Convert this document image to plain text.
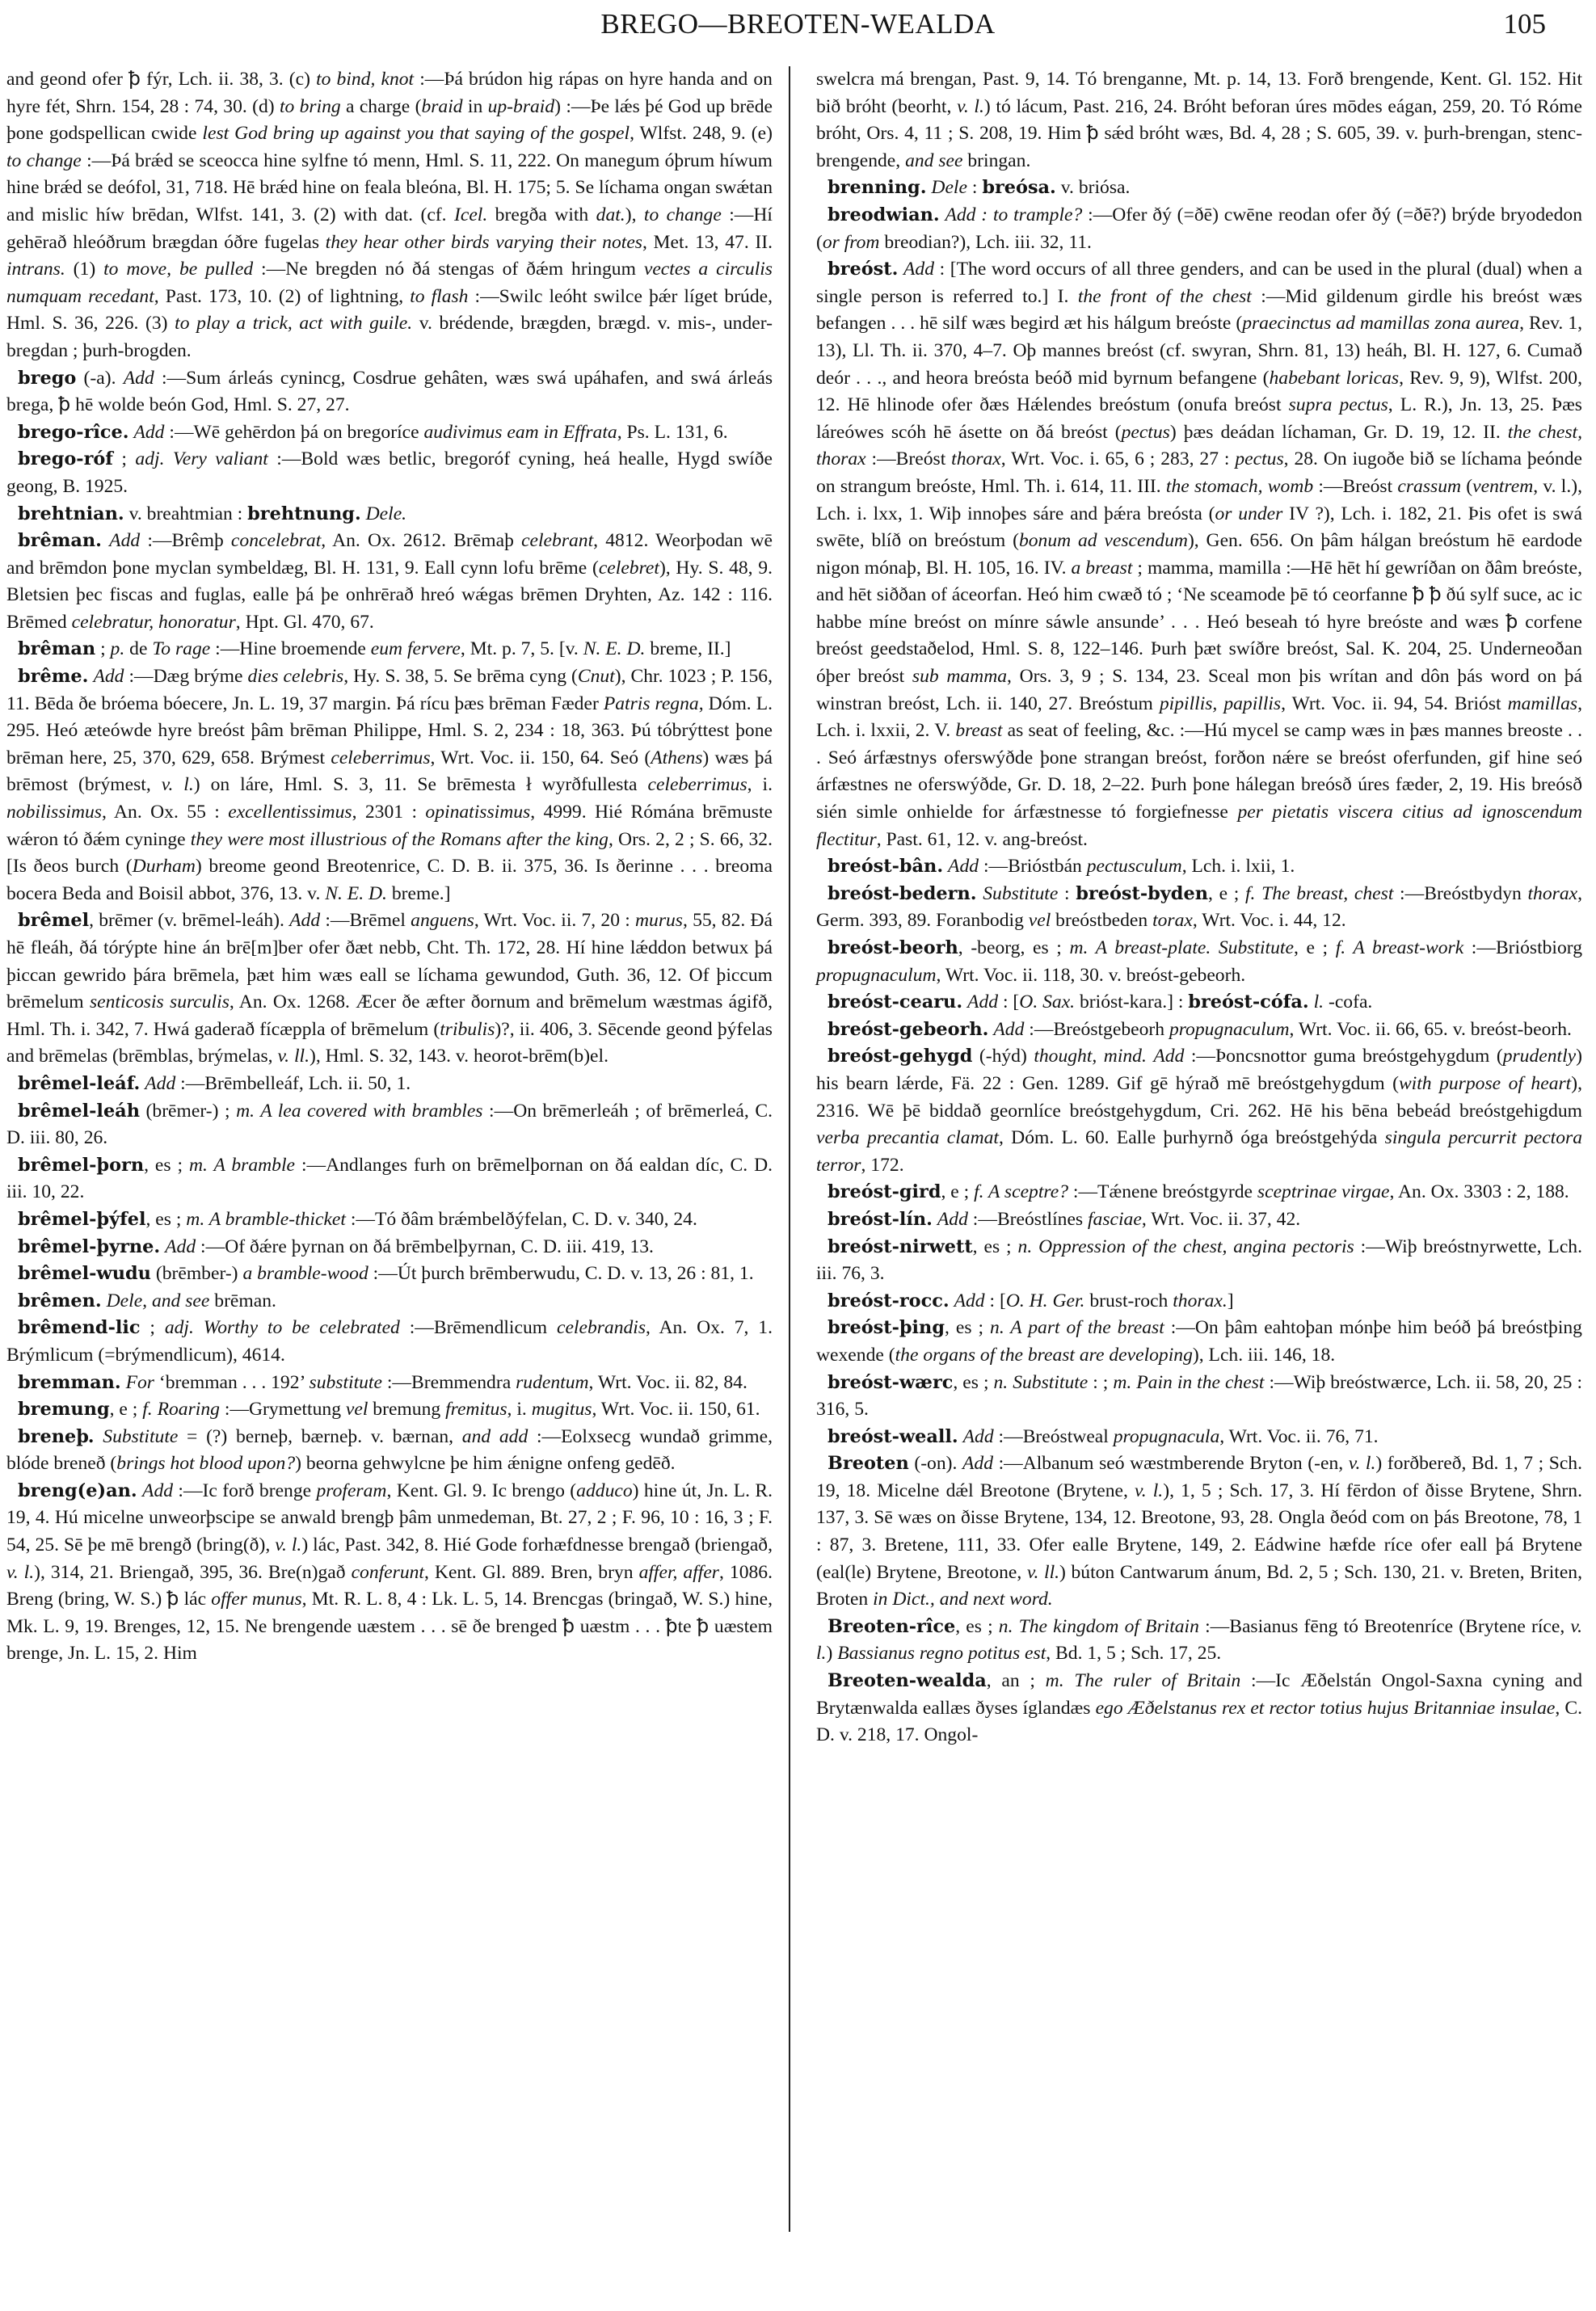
BREGO—BREOTEN-WEALDA	105

and geond ofer ꝥ fýr, Lch. ii. 38, 3. (c) to bind, knot :—Þá brúdon hig rápas on hyre handa and on hyre fét, Shrn. 154, 28 : 74, 30. (d) to bring a charge (braid in up-braid) :—Þe lǽs þé God up brēde þone godspellican cwide lest God bring up against you that saying of the gospel, Wlfst. 248, 9. (e) to change :—Þá brǽd se sceocca hine sylfne tó menn, Hml. S. 11, 222. On manegum óþrum híwum hine brǽd se deófol, 31, 718. Hē brǽd hine on feala bleóna, Bl. H. 175; 5. Se líchama ongan swǽtan and mislic híw brēdan, Wlfst. 141, 3. (2) with dat. (cf. Icel. bregða with dat.), to change :—Hí gehērað hleóðrum brægdan óðre fugelas they hear other birds varying their notes, Met. 13, 47. II. intrans. (1) to move, be pulled :—Ne bregden nó ðá stengas of ðǽm hringum vectes a circulis numquam recedant, Past. 173, 10. (2) of lightning, to flash :—Swilc leóht swilce þǽr líget brúde, Hml. S. 36, 226. (3) to play a trick, act with guile. v. brédende, brægden, brægd. v. mis-, under-bregdan ; þurh-brogden.

brego (-a). Add :—Sum árleás cynincg, Cosdrue gehâten, wæs swá upáhafen, and swá árleás brega, ꝥ hē wolde beón God, Hml. S. 27, 27.

brego-rîce. Add :—Wē gehērdon þá on bregoríce audivimus eam in Effrata, Ps. L. 131, 6.

brego-róf ; adj. Very valiant :—Bold wæs betlic, bregoróf cyning, heá healle, Hygd swíðe geong, B. 1925.

brehtnian. v. breahtmian : brehtnung. Dele.

brêman. Add :—Brêmþ concelebrat, An. Ox. 2612. Brēmaþ celebrant, 4812. Weorþodan wē and brēmdon þone myclan symbeldæg, Bl. H. 131, 9. Eall cynn lofu brēme (celebret), Hy. S. 48, 9. Bletsien þec fiscas and fuglas, ealle þá þe onhrērað hreó wǽgas brēmen Dryhten, Az. 142 : 116. Brēmed celebratur, honoratur, Hpt. Gl. 470, 67.

brêman ; p. de To rage :—Hine broemende eum fervere, Mt. p. 7, 5. [v. N. E. D. breme, II.]

brême. Add :—Dæg brýme dies celebris, Hy. S. 38, 5. Se brēma cyng (Cnut), Chr. 1023 ; P. 156, 11. Bēda ðe bróema bóecere, Jn. L. 19, 37 margin. Þá rícu þæs brēman Fæder Patris regna, Dóm. L. 295. Heó ætеówde hyre breóst þâm brēman Philippe, Hml. S. 2, 234 : 18, 363. Þú tóbrýttest þone brēman here, 25, 370, 629, 658. Brýmest celeberrimus, Wrt. Voc. ii. 150, 64. Seó (Athens) wæs þá brēmost (brýmest, v. l.) on láre, Hml. S. 3, 11. Se brēmesta ł wyrðfullesta celeberrimus, i. nobilissimus, An. Ox. 55 : excellentissimus, 2301 : opinatissimus, 4999. Hié Rómána brēmuste wǽron tó ðǽm cyninge they were most illustrious of the Romans after the king, Ors. 2, 2 ; S. 66, 32. [Is ðeos burch (Durham) breome geond Breotenrice, C. D. B. ii. 375, 36. Is ðerinne . . . breoma bocera Beda and Boisil abbot, 376, 13. v. N. E. D. breme.]

brêmel, brēmer (v. brēmel-leáh). Add :—Brēmel anguens, Wrt. Voc. ii. 7, 20 : murus, 55, 82. Ðá hē fleáh, ðá tórýpte hine án brē[m]ber ofer ðæt nebb, Cht. Th. 172, 28. Hí hine lǽddon betwux þá þiccan gewrido þára brēmela, þæt him wæs eall se líchama gewundod, Guth. 36, 12. Of þiccum brēmelum senticosis surculis, An. Ox. 1268. Æcer ðe æfter ðornum and brēmelum wæstmas ágifð, Hml. Th. i. 342, 7. Hwá gaderað fícæppla of brēmelum (tribulis)?, ii. 406, 3. Sēcende geond þýfelas and brēmelas (brēmblas, brýmelas, v. ll.), Hml. S. 32, 143. v. heorot-brēm(b)el.

brêmel-leáf. Add :—Brēmbelleáf, Lch. ii. 50, 1.

brêmel-leáh (brēmer-) ; m. A lea covered with brambles :—On brēmerleáh ; of brēmerleá, C. D. iii. 80, 26.

brêmel-þorn, es ; m. A bramble :—Andlanges furh on brēmelþornan on ðá ealdan díc, C. D. iii. 10, 22.

brêmel-þýfel, es ; m. A bramble-thicket :—Tó ðâm brǽmbelðýfelan, C. D. v. 340, 24.

brêmel-þyrne. Add :—Of ðǽre þyrnan on ðá brēmbelþyrnan, C. D. iii. 419, 13.

brêmel-wudu (brēmber-) a bramble-wood :—Út þurch brēmberwudu, C. D. v. 13, 26 : 81, 1.

brêmen. Dele, and see brēman.

brêmend-lic ; adj. Worthy to be celebrated :—Brēmendlicum celebrandis, An. Ox. 7, 1. Brýmlicum (=brýmendlicum), 4614.

bremman. For ‘bremman . . . 192’ substitute :—Bremmendra rudentum, Wrt. Voc. ii. 82, 84.

bremung, e ; f. Roaring :—Grymettung vel bremung fremitus, i. mugitus, Wrt. Voc. ii. 150, 61.

breneþ. Substitute = (?) berneþ, bærneþ. v. bærnan, and add :—Eolxsecg wundað grimme, blóde breneð (brings hot blood upon?) beorna gehwylcne þe him ǽnigne onfeng gedēð.

breng(e)an. Add :—Ic forð brenge proferam, Kent. Gl. 9. Ic brengo (adduco) hine út, Jn. L. R. 19, 4. Hú micelne unweorþscipe se anwald brengþ þâm unmedeman, Bt. 27, 2 ; F. 96, 10 : 16, 3 ; F. 54, 25. Sē þe mē brengð (bring(ð), v. l.) lác, Past. 342, 8. Hié Gode forhæfdnesse brengað (briengað, v. l.), 314, 21. Briengað, 395, 36. Bre(n)gað conferunt, Kent. Gl. 889. Bren, bryn affer, affer, 1086. Breng (bring, W. S.) ꝥ lác offer munus, Mt. R. L. 8, 4 : Lk. L. 5, 14. Brencgas (bringað, W. S.) hine, Mk. L. 9, 19. Brenges, 12, 15. Ne brengende uæstem . . . sē ðe brenged ꝥ uæstm . . . ꝥte ꝥ uæstem brenge, Jn. L. 15, 2. Him

swelcra má brengan, Past. 9, 14. Tó brenganne, Mt. p. 14, 13. Forð brengende, Kent. Gl. 152. Hit bið bróht (beorht, v. l.) tó lácum, Past. 216, 24. Bróht beforan úres mōdes eágan, 259, 20. Tó Róme bróht, Ors. 4, 11 ; S. 208, 19. Him ꝥ sǽd bróht wæs, Bd. 4, 28 ; S. 605, 39. v. þurh-brengan, stenc-brengende, and see bringan.

brenning. Dele : breósa. v. briósa.

breodwian. Add : to trample? :—Ofer ðý (=ðē) cwēne reodan ofer ðý (=ðē?) brýde bryodedon (or from breodian?), Lch. iii. 32, 11.

breóst. Add : [The word occurs of all three genders, and can be used in the plural (dual) when a single person is referred to.] I. the front of the chest :—Mid gildenum girdle his breóst wæs befangen . . . hē silf wæs begird æt his hálgum breóste (praecinctus ad mamillas zona aurea, Rev. 1, 13), Ll. Th. ii. 370, 4–7. Oþ mannes breóst (cf. swyran, Shrn. 81, 13) heáh, Bl. H. 127, 6. Cumað deór . . ., and heora breósta beóð mid byrnum befangene (habebant loricas, Rev. 9, 9), Wlfst. 200, 12. Hē hlinode ofer ðæs Hǽlendes breóstum (onufa breóst supra pectus, L. R.), Jn. 13, 25. Þæs láreówes scóh hē ásette on ðá breóst (pectus) þæs deádan líchaman, Gr. D. 19, 12. II. the chest, thorax :—Breóst thorax, Wrt. Voc. i. 65, 6 ; 283, 27 : pectus, 28. On iugoðe bið se líchama þeónde on strangum breóste, Hml. Th. i. 614, 11. III. the stomach, womb :—Breóst crassum (ventrem, v. l.), Lch. i. lxx, 1. Wiþ innoþes sáre and þǽra breósta (or under IV ?), Lch. i. 182, 21. Þis ofet is swá swēte, blíð on breóstum (bonum ad vescendum), Gen. 656. On þâm hálgan breóstum hē eardode nigon mónaþ, Bl. H. 105, 16. IV. a breast ; mamma, mamilla :—Hē hēt hí gewríðan on ðâm breóste, and hēt siððan of áceorfan. Heó him cwæð tó ; ‘Ne sceamode þē tó ceorfanne ꝥ ꝥ ðú sylf suce, ac ic habbe míne breóst on mínre sáwle ansunde’ . . . Heó beseah tó hyre breóste and wæs ꝥ corfene breóst geedstaðelod, Hml. S. 8, 122–146. Þurh þæt swíðre breóst, Sal. K. 204, 25. Underneoðan óþer breóst sub mamma, Ors. 3, 9 ; S. 134, 23. Sceal mon þis wrítan and dôn þás word on þá winstran breóst, Lch. ii. 140, 27. Breóstum pipillis, papillis, Wrt. Voc. ii. 94, 54. Brióst mamillas, Lch. i. lxxii, 2. V. breast as seat of feeling, &c. :—Hú mycel se camp wæs in þæs mannes breoste . . . Seó árfæstnys oferswýðde þone strangan breóst, forðon nǽre se breóst oferfunden, gif hine seó árfæstnes ne oferswýðde, Gr. D. 18, 2–22. Þurh þone hálegan breósð úres fæder, 2, 19. His breósð sién simle onhielde for árfæstnesse tó forgiefnesse per pietatis viscera citius ad ignoscendum flectitur, Past. 61, 12. v. ang-breóst.

breóst-bân. Add :—Brióstbán pectusculum, Lch. i. lxii, 1.

breóst-bedern. Substitute : breóst-byden, e ; f. The breast, chest :—Breóstbydyn thorax, Germ. 393, 89. Foranbodig vel breóstbeden torax, Wrt. Voc. i. 44, 12.

breóst-beorh, -beorg, es ; m. A breast-plate. Substitute, e ; f. A breast-work :—Brióstbiorg propugnaculum, Wrt. Voc. ii. 118, 30. v. breóst-gebeorh.

breóst-cearu. Add : [O. Sax. brióst-kara.] : breóst-cófa. l. -cofa.

breóst-gebeorh. Add :—Breóstgebeorh propugnaculum, Wrt. Voc. ii. 66, 65. v. breóst-beorh.

breóst-gehygd (-hýd) thought, mind. Add :—Þoncsnottor guma breóstgehygdum (prudently) his bearn lǽrde, Fä. 22 : Gen. 1289. Gif gē hýrað mē breóstgehygdum (with purpose of heart), 2316. Wē þē biddað geornlíce breóstgehygdum, Cri. 262. Hē his bēna bebeád breóstgehigdum verba precantia clamat, Dóm. L. 60. Ealle þurhyrnð óga breóstgehýda singula percurrit pectora terror, 172.

breóst-gird, e ; f. A sceptre? :—Tǽnene breóstgyrde sceptrinae virgae, An. Ox. 3303 : 2, 188.

breóst-lín. Add :—Breóstlínes fasciae, Wrt. Voc. ii. 37, 42.

breóst-nirwett, es ; n. Oppression of the chest, angina pectoris :—Wiþ breóstnyrwette, Lch. iii. 76, 3.

breóst-rocc. Add : [O. H. Ger. brust-roch thorax.]

breóst-þing, es ; n. A part of the breast :—On þâm eahtoþan mónþe him beóð þá breóstþing wexende (the organs of the breast are developing), Lch. iii. 146, 18.

breóst-wærc, es ; n. Substitute : ; m. Pain in the chest :—Wiþ breóstwærce, Lch. ii. 58, 20, 25 : 316, 5.

breóst-weall. Add :—Breóstweal propugnacula, Wrt. Voc. ii. 76, 71.

Breoten (-on). Add :—Albanum seó wæstmberende Bryton (-en, v. l.) forðbereð, Bd. 1, 7 ; Sch. 19, 18. Micelne dǽl Breotone (Brytene, v. l.), 1, 5 ; Sch. 17, 3. Hí fērdon of ðisse Brytene, Shrn. 137, 3. Sē wæs on ðisse Brytene, 134, 12. Breotone, 93, 28. Ongla ðeód com on þás Breotone, 78, 1 : 87, 3. Bretene, 111, 33. Ofer ealle Brytene, 149, 2. Eádwine hæfde ríce ofer eall þá Brytene (eal(le) Brytene, Breotone, v. ll.) búton Cantwarum ánum, Bd. 2, 5 ; Sch. 130, 21. v. Breten, Briten, Broten in Dict., and next word.

Breoten-rîce, es ; n. The kingdom of Britain :—Basianus fēng tó Breotenríce (Brytene ríce, v. l.) Bassianus regno potitus est, Bd. 1, 5 ; Sch. 17, 25.

Breoten-wealda, an ; m. The ruler of Britain :—Ic Æðelstán Ongol-Saxna cyning and Brytænwalda eallæs ðyses íglandæs ego Æðelstanus rex et rector totius hujus Britanniae insulae, C. D. v. 218, 17. Ongol-
